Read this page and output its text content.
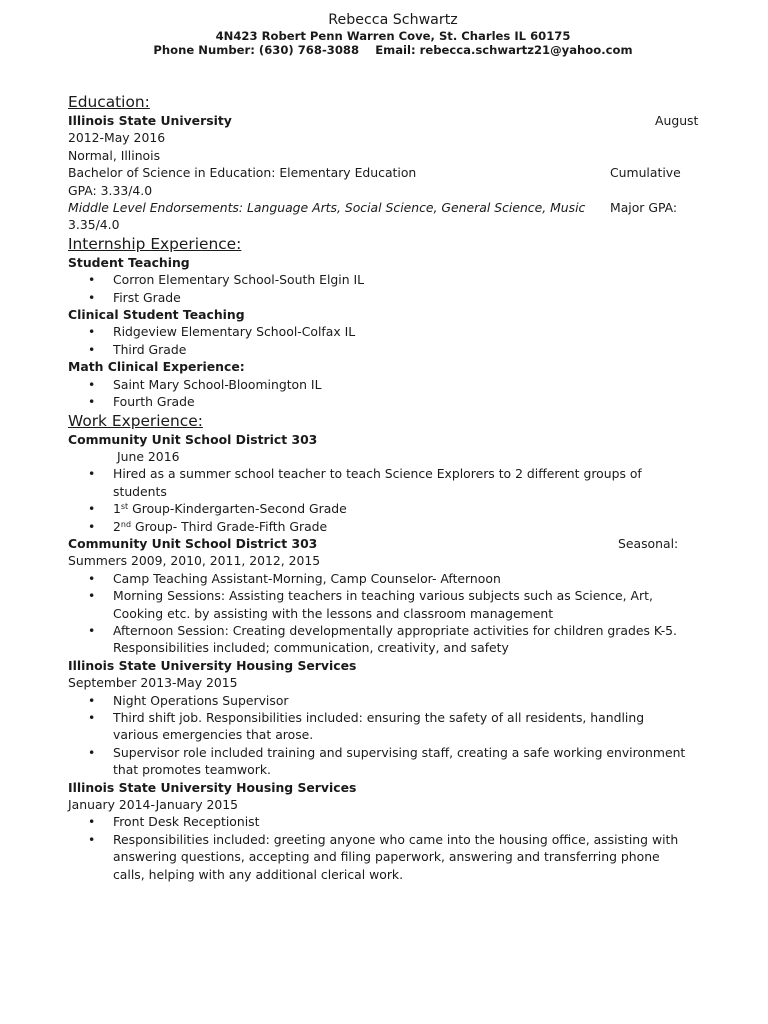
Rebecca Schwartz
4N423 Robert Penn Warren Cove, St. Charles IL 60175
Phone Number: (630) 768-3088 Email: rebecca.schwartz21@yahoo.com
Education:
Illinois State University	August
2012-May 2016
Normal, Illinois
Bachelor of Science in Education: Elementary Education	Cumulative
GPA: 3.33/4.0
Middle Level Endorsements: Language Arts, Social Science, General Science, Music Major GPA:
3.35/4.0
Internship Experience:
Student Teaching
• Corron Elementary School-South Elgin IL
• First Grade
Clinical Student Teaching
• Ridgeview Elementary School-Colfax IL
• Third Grade
Math Clinical Experience:
• Saint Mary School-Bloomington IL
• Fourth Grade
Work Experience:
Community Unit School District 303
June 2016
• Hired as a summer school teacher to teach Science Explorers to 2 different groups of
students
• 1st Group-Kindergarten-Second Grade
• 2nd Group- Third Grade-Fifth Grade
Community Unit School District 303	Seasonal:
Summers 2009, 2010, 2011, 2012, 2015
• Camp Teaching Assistant-Morning, Camp Counselor- Afternoon
• Morning Sessions: Assisting teachers in teaching various subjects such as Science, Art,
Cooking etc. by assisting with the lessons and classroom management
• Afternoon Session: Creating developmentally appropriate activities for children grades K-5.
Responsibilities included; communication, creativity, and safety
Illinois State University Housing Services
September 2013-May 2015
• Night Operations Supervisor
• Third shift job. Responsibilities included: ensuring the safety of all residents, handling
various emergencies that arose.
• Supervisor role included training and supervising staff, creating a safe working environment
that promotes teamwork.
Illinois State University Housing Services
January 2014-January 2015
• Front Desk Receptionist
• Responsibilities included: greeting anyone who came into the housing office, assisting with
answering questions, accepting and filing paperwork, answering and transferring phone
calls, helping with any additional clerical work.
